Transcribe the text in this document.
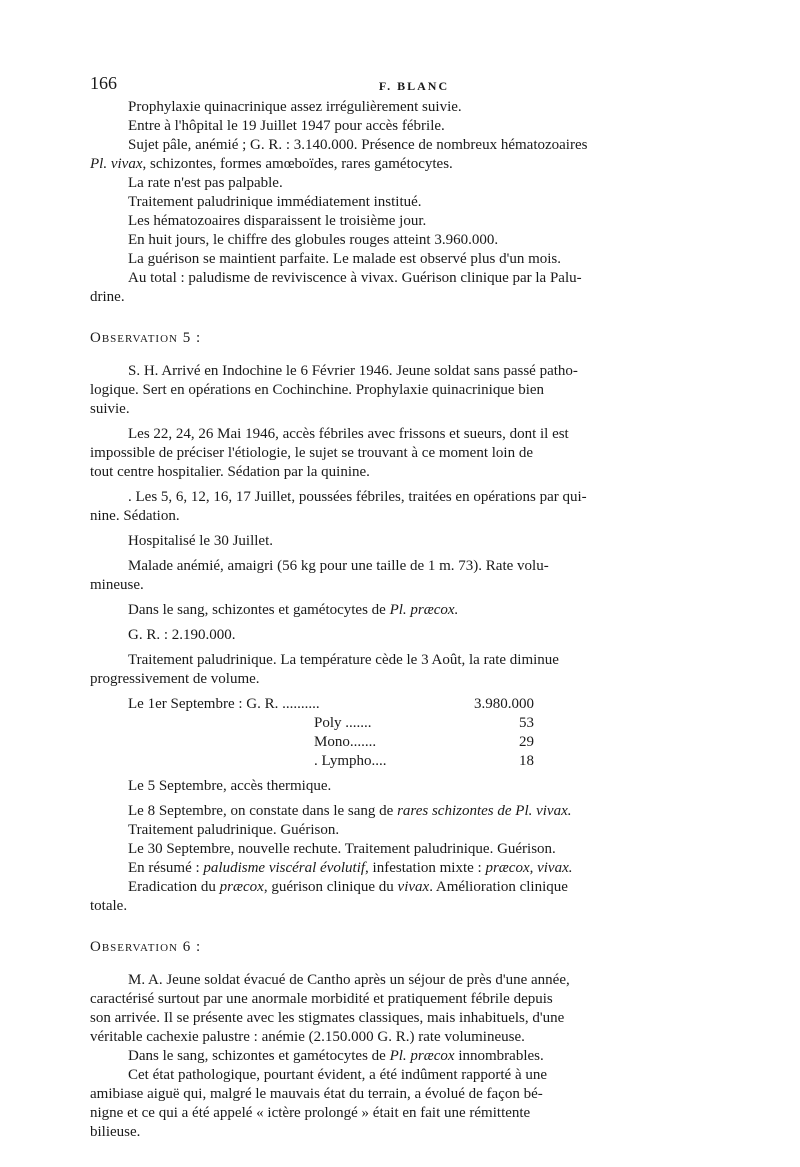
166	F. BLANC

Prophylaxie quinacrinique assez irrégulièrement suivie.

Entre à l'hôpital le 19 Juillet 1947 pour accès fébrile.

Sujet pâle, anémié ; G. R. : 3.140.000. Présence de nombreux hématozoaires

Pl. vivax, schizontes, formes amœboïdes, rares gamétocytes.

La rate n'est pas palpable.

Traitement paludrinique immédiatement institué.

Les hématozoaires disparaissent le troisième jour.

En huit jours, le chiffre des globules rouges atteint 3.960.000.

La guérison se maintient parfaite. Le malade est observé plus d'un mois.

Au total : paludisme de reviviscence à vivax. Guérison clinique par la Palu-

drine.

Observation 5 :

S. H. Arrivé en Indochine le 6 Février 1946. Jeune soldat sans passé patho-

logique. Sert en opérations en Cochinchine. Prophylaxie quinacrinique bien

suivie.

Les 22, 24, 26 Mai 1946, accès fébriles avec frissons et sueurs, dont il est

impossible de préciser l'étiologie, le sujet se trouvant à ce moment loin de

tout centre hospitalier. Sédation par la quinine.

. Les 5, 6, 12, 16, 17 Juillet, poussées fébriles, traitées en opérations par qui-

nine. Sédation.

Hospitalisé le 30 Juillet.

Malade anémié, amaigri (56 kg pour une taille de 1 m. 73). Rate volu-

mineuse.

Dans le sang, schizontes et gamétocytes de Pl. præcox.

G. R. : 2.190.000.

Traitement paludrinique. La température cède le 3 Août, la rate diminue

progressivement de volume.

Le 1er Septembre : G. R. ..........	3.980.000
Poly .......	53
Mono.......	29
. Lympho....	18

Le 5 Septembre, accès thermique.

Le 8 Septembre, on constate dans le sang de rares schizontes de Pl. vivax.

Traitement paludrinique. Guérison.

Le 30 Septembre, nouvelle rechute. Traitement paludrinique. Guérison.

En résumé : paludisme viscéral évolutif, infestation mixte : præcox, vivax.

Eradication du præcox, guérison clinique du vivax. Amélioration clinique

totale.

Observation 6 :

M. A. Jeune soldat évacué de Cantho après un séjour de près d'une année,

caractérisé surtout par une anormale morbidité et pratiquement fébrile depuis

son arrivée. Il se présente avec les stigmates classiques, mais inhabituels, d'une

véritable cachexie palustre : anémie (2.150.000 G. R.) rate volumineuse.

Dans le sang, schizontes et gamétocytes de Pl. præcox innombrables.

Cet état pathologique, pourtant évident, a été indûment rapporté à une

amibiase aiguë qui, malgré le mauvais état du terrain, a évolué de façon bé-

nigne et ce qui a été appelé « ictère prolongé » était en fait une rémittente

bilieuse.
